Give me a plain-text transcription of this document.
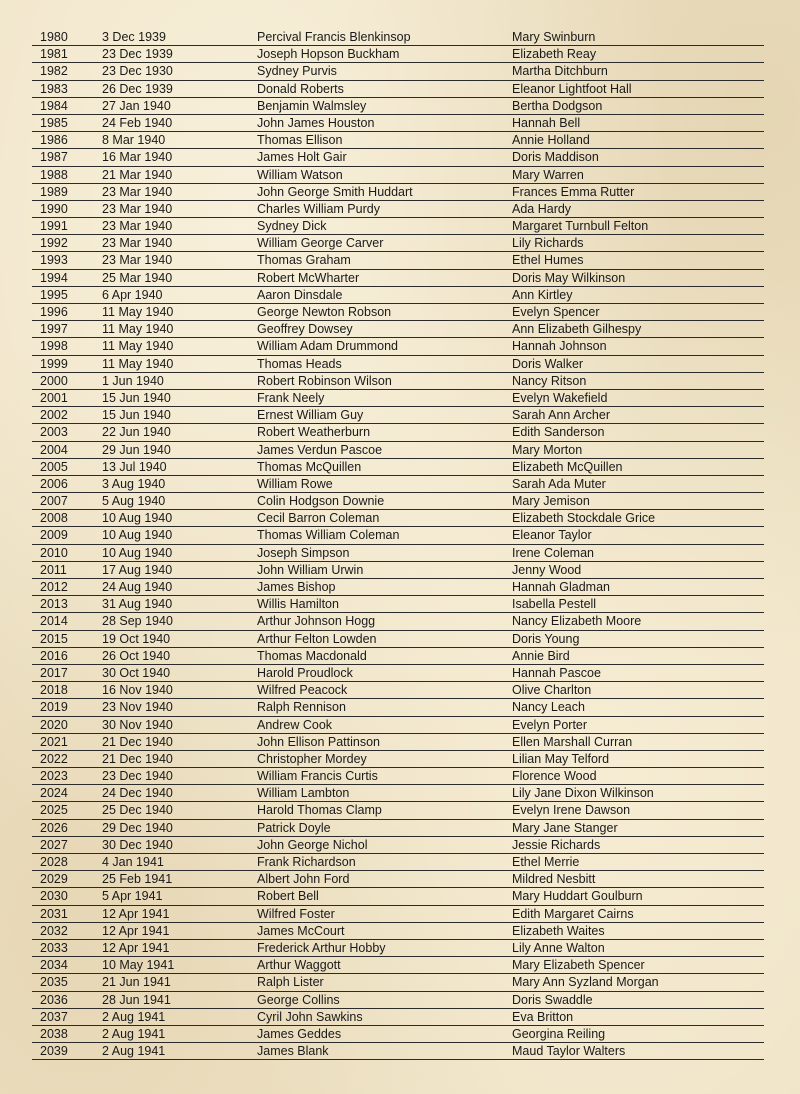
1980	3 Dec 1939	Percival Francis Blenkinsop	Mary Swinburn
1981	23 Dec 1939	Joseph Hopson Buckham	Elizabeth Reay
1982	23 Dec 1930	Sydney Purvis	Martha Ditchburn
1983	26 Dec 1939	Donald Roberts	Eleanor Lightfoot Hall
1984	27 Jan 1940	Benjamin Walmsley	Bertha Dodgson
1985	24 Feb 1940	John James Houston	Hannah Bell
1986	8 Mar 1940	Thomas Ellison	Annie Holland
1987	16 Mar 1940	James Holt Gair	Doris Maddison
1988	21 Mar 1940	William Watson	Mary Warren
1989	23 Mar 1940	John George Smith Huddart	Frances Emma Rutter
1990	23 Mar 1940	Charles William Purdy	Ada Hardy
1991	23 Mar 1940	Sydney Dick	Margaret Turnbull Felton
1992	23 Mar 1940	William George Carver	Lily Richards
1993	23 Mar 1940	Thomas Graham	Ethel Humes
1994	25 Mar 1940	Robert McWharter	Doris May Wilkinson
1995	6 Apr 1940	Aaron Dinsdale	Ann Kirtley
1996	11 May 1940	George Newton Robson	Evelyn Spencer
1997	11 May 1940	Geoffrey Dowsey	Ann Elizabeth Gilhespy
1998	11 May 1940	William Adam Drummond	Hannah Johnson
1999	11 May 1940	Thomas Heads	Doris Walker
2000	1 Jun 1940	Robert Robinson Wilson	Nancy Ritson
2001	15 Jun 1940	Frank Neely	Evelyn Wakefield
2002	15 Jun 1940	Ernest William Guy	Sarah Ann Archer
2003	22 Jun 1940	Robert Weatherburn	Edith Sanderson
2004	29 Jun 1940	James Verdun Pascoe	Mary Morton
2005	13 Jul 1940	Thomas McQuillen	Elizabeth McQuillen
2006	3 Aug 1940	William Rowe	Sarah Ada Muter
2007	5 Aug 1940	Colin Hodgson Downie	Mary Jemison
2008	10 Aug 1940	Cecil Barron Coleman	Elizabeth Stockdale Grice
2009	10 Aug 1940	Thomas William Coleman	Eleanor Taylor
2010	10 Aug 1940	Joseph Simpson	Irene Coleman
2011	17 Aug 1940	John William Urwin	Jenny Wood
2012	24 Aug 1940	James Bishop	Hannah Gladman
2013	31 Aug 1940	Willis Hamilton	Isabella Pestell
2014	28 Sep 1940	Arthur Johnson Hogg	Nancy Elizabeth Moore
2015	19 Oct 1940	Arthur Felton Lowden	Doris Young
2016	26 Oct 1940	Thomas Macdonald	Annie Bird
2017	30 Oct 1940	Harold Proudlock	Hannah Pascoe
2018	16 Nov 1940	Wilfred Peacock	Olive Charlton
2019	23 Nov 1940	Ralph Rennison	Nancy Leach
2020	30 Nov 1940	Andrew Cook	Evelyn Porter
2021	21 Dec 1940	John Ellison Pattinson	Ellen Marshall Curran
2022	21 Dec 1940	Christopher Mordey	Lilian May Telford
2023	23 Dec 1940	William Francis Curtis	Florence Wood
2024	24 Dec 1940	William Lambton	Lily Jane Dixon Wilkinson
2025	25 Dec 1940	Harold Thomas Clamp	Evelyn Irene Dawson
2026	29 Dec 1940	Patrick Doyle	Mary Jane Stanger
2027	30 Dec 1940	John George Nichol	Jessie Richards
2028	4 Jan 1941	Frank Richardson	Ethel Merrie
2029	25 Feb 1941	Albert John Ford	Mildred Nesbitt
2030	5 Apr 1941	Robert Bell	Mary Huddart Goulburn
2031	12 Apr 1941	Wilfred Foster	Edith Margaret Cairns
2032	12 Apr 1941	James McCourt	Elizabeth Waites
2033	12 Apr 1941	Frederick Arthur Hobby	Lily Anne Walton
2034	10 May 1941	Arthur Waggott	Mary Elizabeth Spencer
2035	21 Jun 1941	Ralph Lister	Mary Ann Syzland Morgan
2036	28 Jun 1941	George Collins	Doris Swaddle
2037	2 Aug 1941	Cyril John Sawkins	Eva Britton
2038	2 Aug 1941	James Geddes	Georgina Reiling
2039	2 Aug 1941	James Blank	Maud Taylor Walters
